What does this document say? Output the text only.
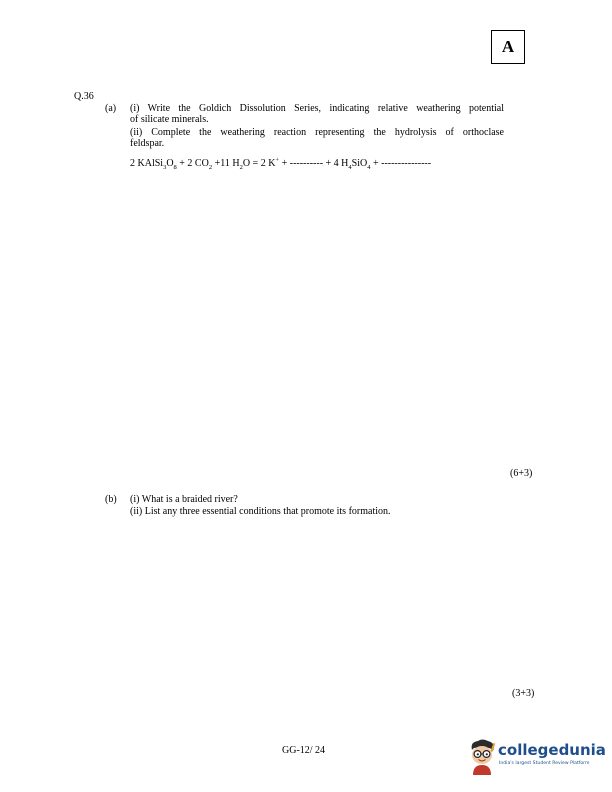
A
Q.36
(a) (i) Write the Goldich Dissolution Series, indicating relative weathering potential
of silicate minerals.
(ii) Complete the weathering reaction representing the hydrolysis of orthoclase
feldspar.
2 $KAlSi_3O_8 + 2$ $CO_2 +11$ $H_2O = 2$ K+ + ---------- + 4 $H_4SiO_4$ + ---------------
(6+3)
(b) (i) What is a braided river?
(ii) List any three essential conditions that promote its formation.
(3+3)
GG-12/ 24	collegedunia
India's largest Student Review Platform
